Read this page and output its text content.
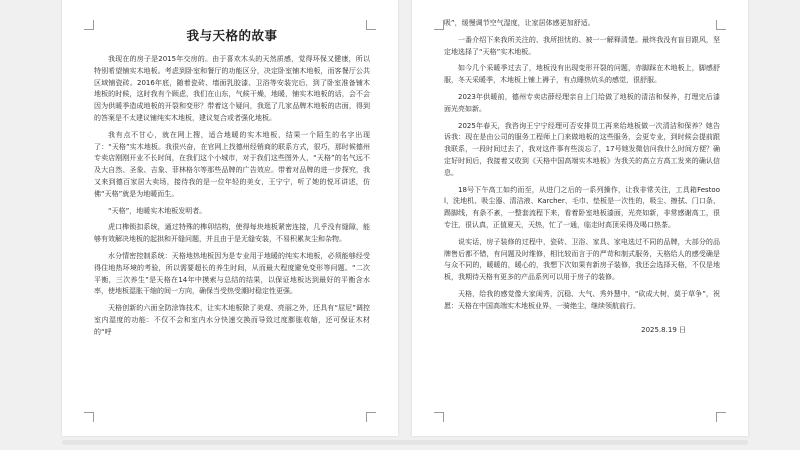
我与天格的故事

我现在的房子是2015年交房的。由于喜欢木头的天然质感，觉得环保又健康，所以特别希望铺实木地板。考虑到卧室和餐厅的功能区分，决定卧室铺木地板，而客餐厅公共区域铺瓷砖。2016年底，随着瓷砖、墙面乳胶漆、卫浴等安装完后，到了卧室准备铺木地板的时候，这时我有个顾虑，我们在山东，气候干燥，地暖，铺实木地板的话，会不会因为供暖季造成地板的开裂和变形？带着这个疑问，我逛了几家品牌木地板的店面，得到的答案是不太建议铺纯实木地板，建议复合或者强化地板。

我有点不甘心，就在网上搜，适合地暖的实木地板，结果一个陌生的名字出现了：“天格”实木地板。我很兴奋，在官网上找德州经销商的联系方式，很巧，那时候德州专卖店刚刚开业不长时间，在我们这个小城市，对于我们这些图外人，“天格”的名气远不及大自然、圣象、吉象、菲林格尔等那些品牌的广告效应。带着对品牌的进一步探究，我又来到德百家居大卖场，接待我的是一位年轻的美女，王宁宁，听了她的悦耳讲述，仿佛“天格”就是为地暖而生。

“天格”，地暖实木地板发明者。

虎口榫锁扣系统，通过特殊的榫卯结构，使得每块地板紧密连接，几乎没有缝隙，能够有效解决地板的起拱和开缝问题，并且由于是无缝安装，不易积累灰尘和杂物。

水分情密控制系统：天格地热地板因为是专业用于地暖的纯实木地板，必须能够经受得住地热环境的考验，所以需要超长的养生时间，从而最大程度避免变形等问题。“二次平衡，三次养生”是天格在14年中摸索与总结的结果，以保证地板达到最好的平衡含水率，使地板湿胀干缩的间一方向，确保当受热受潮时稳定性更强。

天格创新的六面全防涂饰技术，让实木地板除了美观、亮丽之外，还具有“屈尼”调控室内湿度的功能：不仅不会和室内水分快速交换而导致过度膨胀收缩，还可保证木材的“呼

吸”，缓慢调节空气湿度，让家居体感更加舒适。

一番介绍下来我所关注的、我所担忧的、被一一解释清楚。最终我没有盲目跟风，坚定地选择了“天格”实木地板。

如今几个采暖季过去了，地板没有出现变形开裂的问题，赤脚踩在木地板上，脚感舒服，冬天采暖季，木地板上铺上褥子，有点睡热炕头的感觉，很舒服。

2023年供暖前，德州专卖店薛经理亲自上门给做了地板的清洁和保养，打理完后漆面光亮如新。

2025年春天，我咨询王宁宁经理可否安排员工再来给地板做一次清洁和保养？她告诉我：现在是由公司的服务工程师上门来做地板的这些服务，会更专业，到时候会提前跟我联系，一段时间过去了，我对这件事有些淡忘了，17号她发微信问我什么时间方便？确定好时间后，我接着又收到《天格中国高端实木地板》为我关的高立方高工发来的确认信息。

18号下午高工如约而至，从进门之后的一系列操作，让我非常关注，工具箱Festool，洗地机、吸尘器、清洁液、Karcher、毛巾、垫板是一次性的，吸尘、擦拭、门口条、踢脚线，有条不紊，一整套流程下来，看着卧室地板漆面，光亮如新，非常感谢高工，很专注，很认真，正值夏天，天热，忙了一通，临走时高顶采得及喝口热茶。

说实话，房子装修的过程中，瓷砖、卫浴、家具、家电选过不同的品牌，大部分的品牌售后都不错，有问题及时维修，相比较而言于的严苛和制式服务，天格给人的感受确是与众不同的，暖暖的，暖心的，我想下次如果有新房子装修，我还会选择天格，不仅是地板，我期待天格有更多的产品系列可以用于房子的装修。

天格，给我的感觉像大家闺秀，沉稳、大气、秀外慧中，“砍成大树，莫于草争”，祝愿：天格在中国高端实木地板业界，一骑绝尘，继续领航前行。

2025.8.19 日
